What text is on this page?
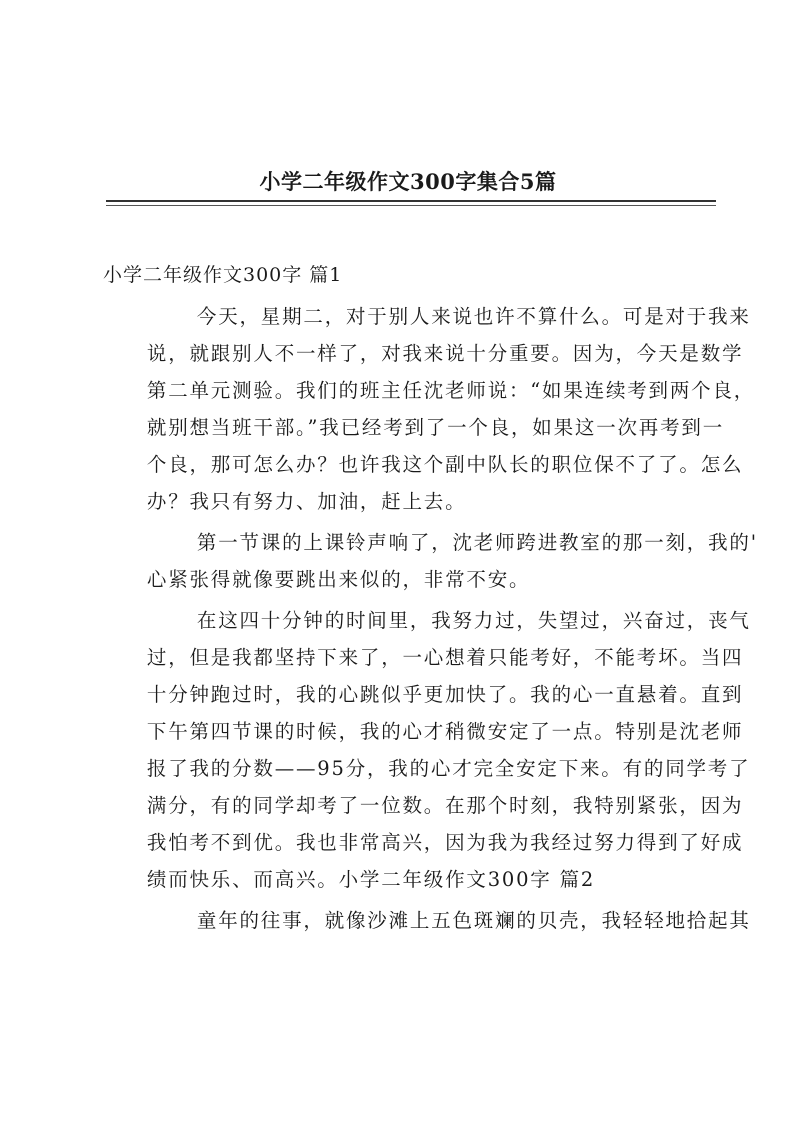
小学二年级作文300字集合5篇
小学二年级作文300字 篇1
今天，星期二，对于别人来说也许不算什么。可是对于我来
说，就跟别人不一样了，对我来说十分重要。因为，今天是数学
第二单元测验。我们的班主任沈老师说：“如果连续考到两个良，
就别想当班干部。”我已经考到了一个良，如果这一次再考到一
个良，那可怎么办？也许我这个副中队长的职位保不了了。怎么
办？我只有努力、加油，赶上去。
第一节课的上课铃声响了，沈老师跨进教室的那一刻，我的'
心紧张得就像要跳出来似的，非常不安。
在这四十分钟的时间里，我努力过，失望过，兴奋过，丧气
过，但是我都坚持下来了，一心想着只能考好，不能考坏。当四
十分钟跑过时，我的心跳似乎更加快了。我的心一直悬着。直到
下午第四节课的时候，我的心才稍微安定了一点。特别是沈老师
报了我的分数——95分，我的心才完全安定下来。有的同学考了
满分，有的同学却考了一位数。在那个时刻，我特别紧张，因为
我怕考不到优。我也非常高兴，因为我为我经过努力得到了好成
绩而快乐、而高兴。小学二年级作文300字 篇2
童年的往事，就像沙滩上五色斑斓的贝壳，我轻轻地拾起其
